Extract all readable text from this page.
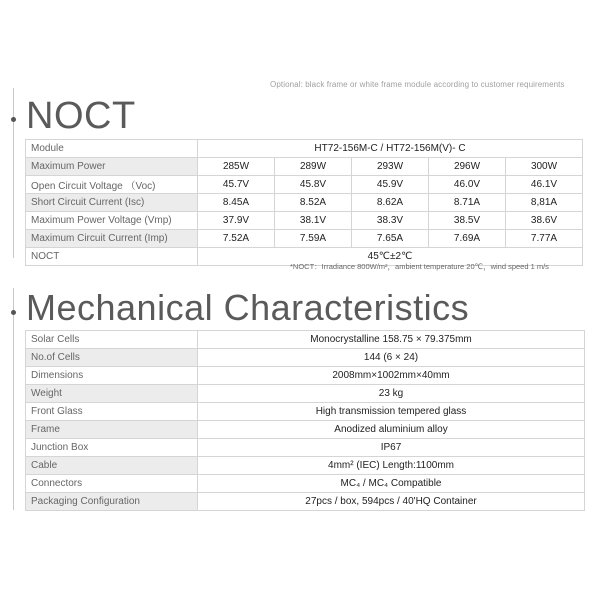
Optional: black frame or white frame module according to customer requirements
NOCT
Module	HT72-156M-C / HT72-156M(V)- C				
Maximum Power	285W	289W	293W	296W	300W
Open Circuit Voltage （Voc)	45.7V	45.8V	45.9V	46.0V	46.1V
Short Circuit Current (Isc)	8.45A	8.52A	8.62A	8.71A	8,81A
Maximum Power Voltage (Vmp)	37.9V	38.1V	38.3V	38.5V	38.6V
Maximum Circuit Current (Imp)	7.52A	7.59A	7.65A	7.69A	7.77A
NOCT	45℃±2℃				
*NOCT：Irradiance 800W/m²，ambient temperature 20℃，wind speed 1 m/s
Mechanical Characteristics
Solar Cells	Monocrystalline 158.75 × 79.375mm
No.of Cells	144 (6 × 24)
Dimensions	2008mm×1002mm×40mm
Weight	23 kg
Front Glass	High transmission tempered glass
Frame	Anodized aluminium alloy
Junction Box	IP67
Cable	4mm² (IEC) Length:1100mm
Connectors	MC₄ / MC₄ Compatible
Packaging Configuration	27pcs / box, 594pcs / 40'HQ Container
